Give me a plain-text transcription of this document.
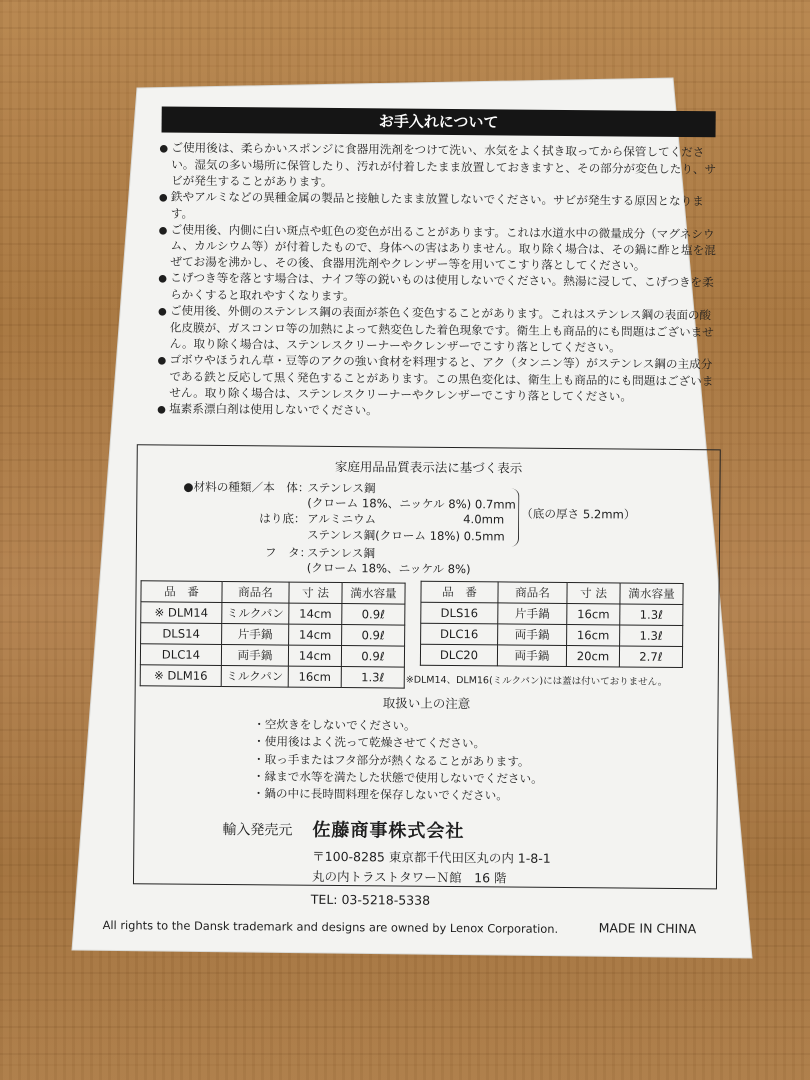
お手入れについて
● ご使用後は、柔らかいスポンジに食器用洗剤をつけて洗い、水気をよく拭き取ってから保管してください。湿気の多い場所に保管したり、汚れが付着したまま放置しておきますと、その部分が変色したり、サビが発生することがあります。
● 鉄やアルミなどの異種金属の製品と接触したまま放置しないでください。サビが発生する原因となります。
● ご使用後、内側に白い斑点や虹色の変色が出ることがあります。これは水道水中の微量成分（マグネシウム、カルシウム等）が付着したもので、身体への害はありません。取り除く場合は、その鍋に酢と塩を混ぜてお湯を沸かし、その後、食器用洗剤やクレンザー等を用いてこすり落としてください。
● こげつき等を落とす場合は、ナイフ等の鋭いものは使用しないでください。熱湯に浸して、こげつきを柔らかくすると取れやすくなります。
● ご使用後、外側のステンレス鋼の表面が茶色く変色することがあります。これはステンレス鋼の表面の酸化皮膜が、ガスコンロ等の加熱によって熱変色した着色現象です。衛生上も商品的にも問題はございません。取り除く場合は、ステンレスクリーナーやクレンザーでこすり落としてください。
● ゴボウやほうれん草・豆等のアクの強い食材を料理すると、アク（タンニン等）がステンレス鋼の主成分である鉄と反応して黒く発色することがあります。この黒色変化は、衛生上も商品的にも問題はございません。取り除く場合は、ステンレスクリーナーやクレンザーでこすり落としてください。
● 塩素系漂白剤は使用しないでください。
家庭用品品質表示法に基づく表示
●材料の種類／本　体：
ステンレス鋼
(クローム 18%、ニッケル 8%) 0.7mm
はり底： アルミニウム	4.0mm
ステンレス鋼(クローム 18%) 0.5mm
（底の厚さ 5.2mm）
フ　タ：
ステンレス鋼
(クローム 18%、ニッケル 8%)
品　番	商品名	寸 法	満水容量
※ DLM14	ミルクパン	14cm	0.9ℓ
DLS14	片手鍋	14cm	0.9ℓ
DLC14	両手鍋	14cm	0.9ℓ
※ DLM16	ミルクパン	16cm	1.3ℓ
品　番	商品名	寸 法	満水容量
DLS16	片手鍋	16cm	1.3ℓ
DLC16	両手鍋	16cm	1.3ℓ
DLC20	両手鍋	20cm	2.7ℓ
※DLM14、DLM16(ミルクパン)には蓋は付いておりません。
取扱い上の注意
・空炊きをしないでください。
・使用後はよく洗って乾燥させてください。
・取っ手またはフタ部分が熱くなることがあります。
・縁まで水等を満たした状態で使用しないでください。
・鍋の中に長時間料理を保存しないでください。
輸入発売元 佐藤商事株式会社
〒100-8285 東京都千代田区丸の内 1-8-1
丸の内トラストタワーＮ館　16 階
TEL: 03-5218-5338
All rights to the Dansk trademark and designs are owned by Lenox Corporation.	MADE IN CHINA
